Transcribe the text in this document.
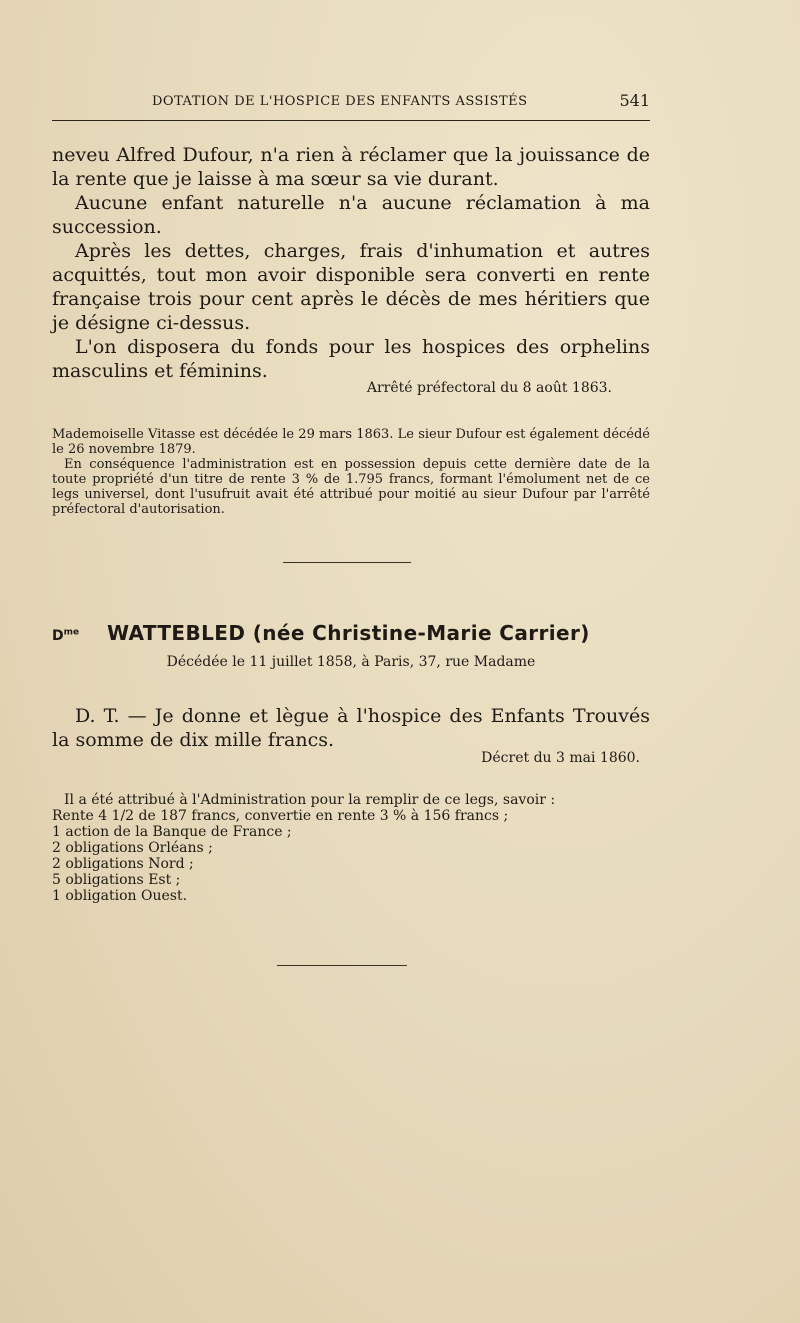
DOTATION DE L'HOSPICE DES ENFANTS ASSISTÉS	541

neveu Alfred Dufour, n'a rien à réclamer que la jouissance de la rente que je laisse à ma sœur sa vie durant.

Aucune enfant naturelle n'a aucune réclamation à ma succession.

Après les dettes, charges, frais d'inhumation et autres acquittés, tout mon avoir disponible sera converti en rente française trois pour cent après le décès de mes héritiers que je désigne ci-dessus.

L'on disposera du fonds pour les hospices des orphelins masculins et féminins.

Arrêté préfectoral du 8 août 1863.

Mademoiselle Vitasse est décédée le 29 mars 1863. Le sieur Dufour est également décédé le 26 novembre 1879.

En conséquence l'administration est en possession depuis cette dernière date de la toute propriété d'un titre de rente 3 % de 1.795 francs, formant l'émolument net de ce legs universel, dont l'usufruit avait été attribué pour moitié au sieur Dufour par l'arrêté préfectoral d'autorisation.

$D^{me}$ WATTEBLED (née Christine-Marie Carrier)
Décédée le 11 juillet 1858, à Paris, 37, rue Madame

D. T. — Je donne et lègue à l'hospice des Enfants Trouvés la somme de dix mille francs.

Décret du 3 mai 1860.

Il a été attribué à l'Administration pour la remplir de ce legs, savoir :

Rente 4 1/2 de 187 francs, convertie en rente 3 % à 156 francs ;
1 action de la Banque de France ;
2 obligations Orléans ;
2 obligations Nord ;
5 obligations Est ;
1 obligation Ouest.
